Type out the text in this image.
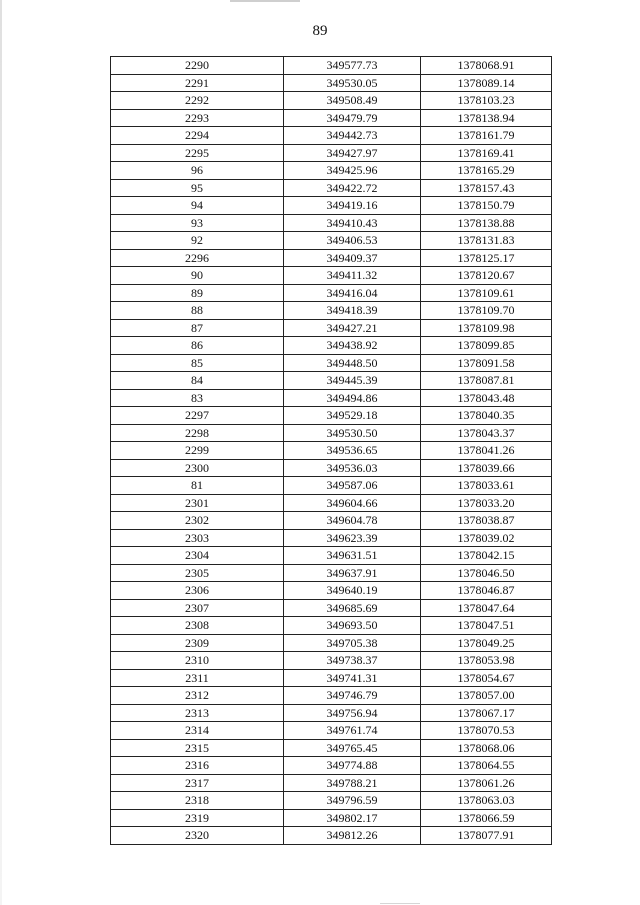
89
2290	349577.73	1378068.91
2291	349530.05	1378089.14
2292	349508.49	1378103.23
2293	349479.79	1378138.94
2294	349442.73	1378161.79
2295	349427.97	1378169.41
96	349425.96	1378165.29
95	349422.72	1378157.43
94	349419.16	1378150.79
93	349410.43	1378138.88
92	349406.53	1378131.83
2296	349409.37	1378125.17
90	349411.32	1378120.67
89	349416.04	1378109.61
88	349418.39	1378109.70
87	349427.21	1378109.98
86	349438.92	1378099.85
85	349448.50	1378091.58
84	349445.39	1378087.81
83	349494.86	1378043.48
2297	349529.18	1378040.35
2298	349530.50	1378043.37
2299	349536.65	1378041.26
2300	349536.03	1378039.66
81	349587.06	1378033.61
2301	349604.66	1378033.20
2302	349604.78	1378038.87
2303	349623.39	1378039.02
2304	349631.51	1378042.15
2305	349637.91	1378046.50
2306	349640.19	1378046.87
2307	349685.69	1378047.64
2308	349693.50	1378047.51
2309	349705.38	1378049.25
2310	349738.37	1378053.98
2311	349741.31	1378054.67
2312	349746.79	1378057.00
2313	349756.94	1378067.17
2314	349761.74	1378070.53
2315	349765.45	1378068.06
2316	349774.88	1378064.55
2317	349788.21	1378061.26
2318	349796.59	1378063.03
2319	349802.17	1378066.59
2320	349812.26	1378077.91
